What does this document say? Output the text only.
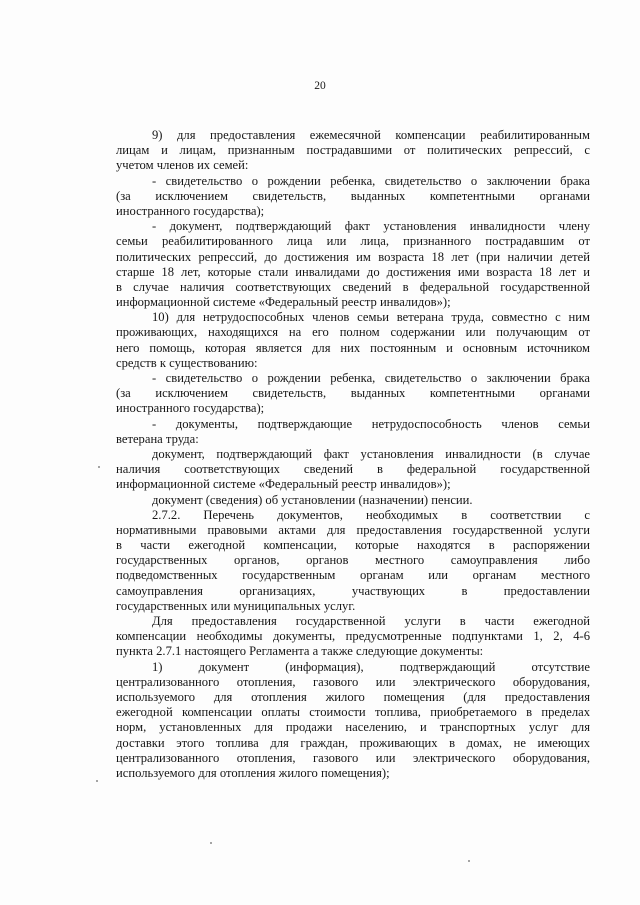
20
9) для предоставления ежемесячной компенсации реабилитированным
лицам и лицам, признанным пострадавшими от политических репрессий, с
учетом членов их семей:
- свидетельство о рождении ребенка, свидетельство о заключении брака
(за исключением свидетельств, выданных компетентными органами
иностранного государства);
- документ, подтверждающий факт установления инвалидности члену
семьи реабилитированного лица или лица, признанного пострадавшим от
политических репрессий, до достижения им возраста 18 лет (при наличии детей
старше 18 лет, которые стали инвалидами до достижения ими возраста 18 лет и
в случае наличия соответствующих сведений в федеральной государственной
информационной системе «Федеральный реестр инвалидов»);
10) для нетрудоспособных членов семьи ветерана труда, совместно с ним
проживающих, находящихся на его полном содержании или получающим от
него помощь, которая является для них постоянным и основным источником
средств к существованию:
- свидетельство о рождении ребенка, свидетельство о заключении брака
(за исключением свидетельств, выданных компетентными органами
иностранного государства);
- документы, подтверждающие нетрудоспособность членов семьи
ветерана труда:
документ, подтверждающий факт установления инвалидности (в случае
наличия соответствующих сведений в федеральной государственной
информационной системе «Федеральный реестр инвалидов»);
документ (сведения) об установлении (назначении) пенсии.
2.7.2. Перечень документов, необходимых в соответствии с
нормативными правовыми актами для предоставления государственной услуги
в части ежегодной компенсации, которые находятся в распоряжении
государственных органов, органов местного самоуправления либо
подведомственных государственным органам или органам местного
самоуправления организациях, участвующих в предоставлении
государственных или муниципальных услуг.
Для предоставления государственной услуги в части ежегодной
компенсации необходимы документы, предусмотренные подпунктами 1, 2, 4-6
пункта 2.7.1 настоящего Регламента а также следующие документы:
1) документ (информация), подтверждающий отсутствие
централизованного отопления, газового или электрического оборудования,
используемого для отопления жилого помещения (для предоставления
ежегодной компенсации оплаты стоимости топлива, приобретаемого в пределах
норм, установленных для продажи населению, и транспортных услуг для
доставки этого топлива для граждан, проживающих в домах, не имеющих
централизованного отопления, газового или электрического оборудования,
используемого для отопления жилого помещения);
